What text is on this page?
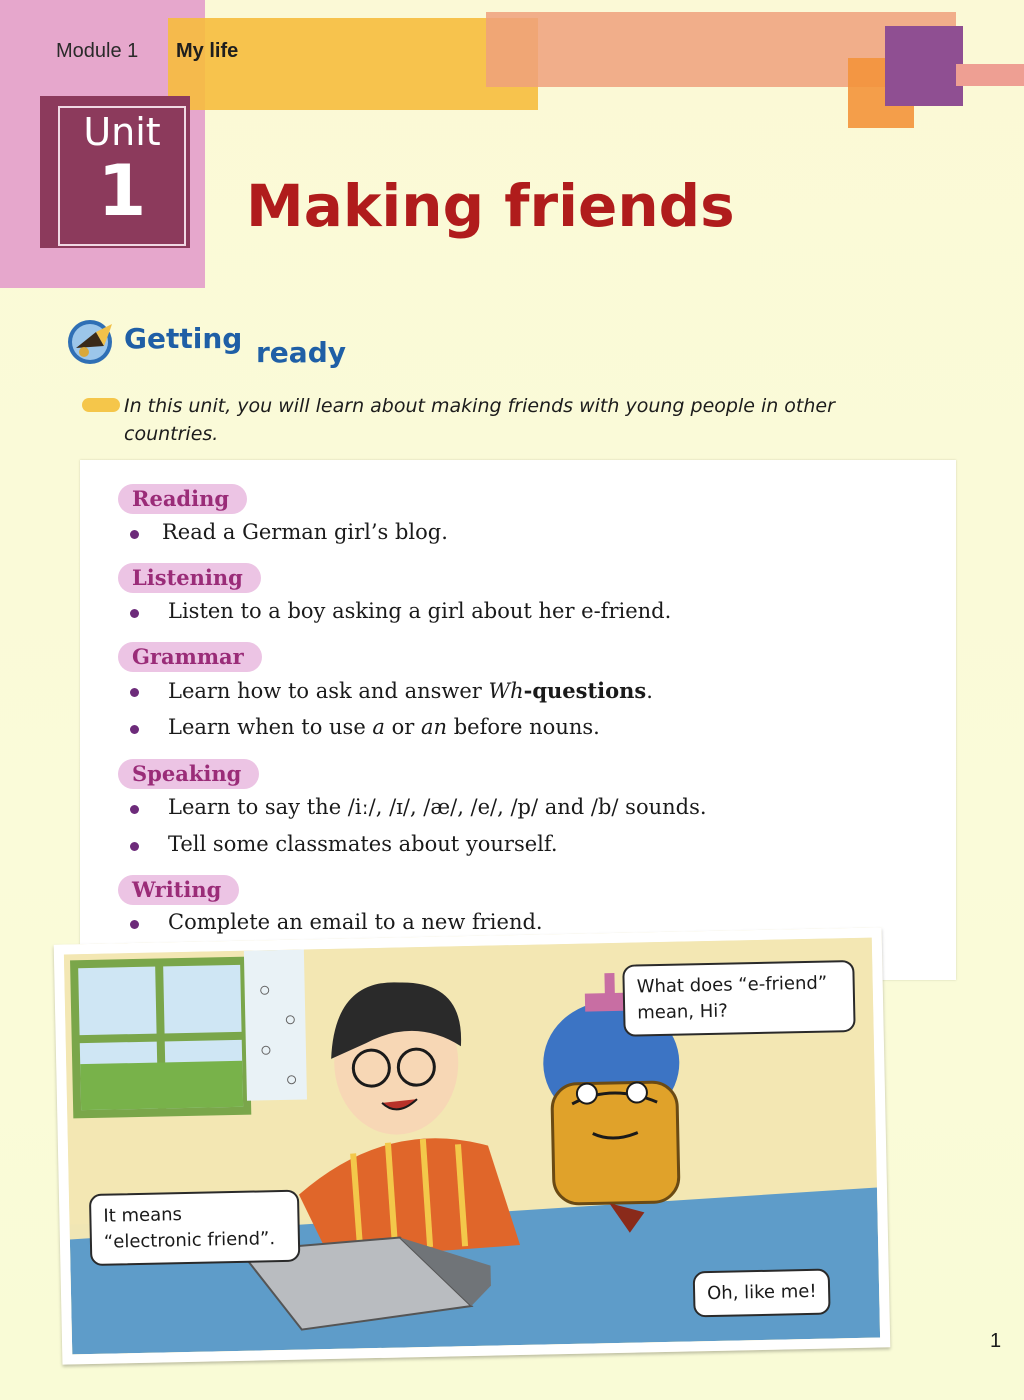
Module 1 My life
Unit
1	Making friends
Getting ready
In this unit, you will learn about making friends with young people in other countries.
Reading
Read a German girl’s blog.
Listening
Listen to a boy asking a girl about her e-friend.
Grammar
Learn how to ask and answer Wh-questions.
Learn when to use a or an before nouns.
Speaking
Learn to say the /iː/, /ɪ/, /æ/, /e/, /p/ and /b/ sounds.
Tell some classmates about yourself.
Writing
Complete an email to a new friend.
What does “e-friend”
mean, Hi?
It means
“electronic friend”.
Oh, like me!
1
